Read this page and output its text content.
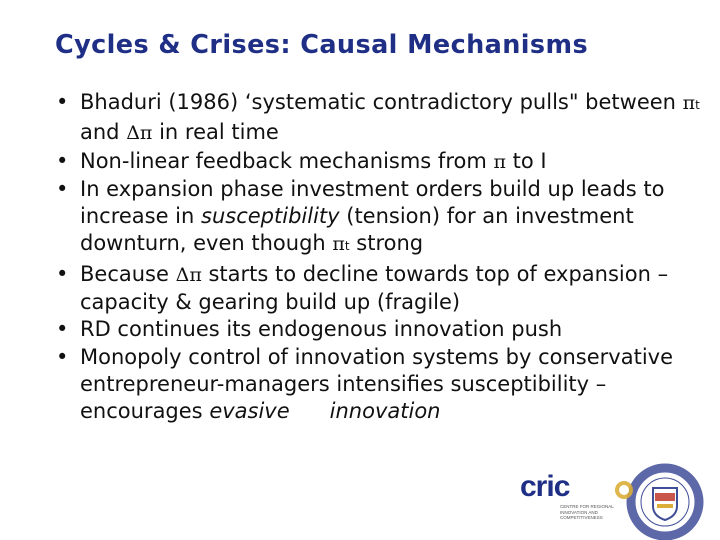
Cycles & Crises: Causal Mechanisms
• Bhaduri (1986) ‘systematic contradictory pulls" between πt and Δπ in real time
• Non-linear feedback mechanisms from π to I
• In expansion phase investment orders build up leads to increase in susceptibility (tension) for an investment downturn, even though πt strong
• Because Δπ starts to decline towards top of expansion – capacity & gearing build up (fragile)
• RD continues its endogenous innovation push
• Monopoly control of innovation systems by conservative entrepreneur-managers intensifies susceptibility – encourages evasive innovation
cric
CENTRE FOR REGIONAL INNOVATION AND COMPETITIVENESS
